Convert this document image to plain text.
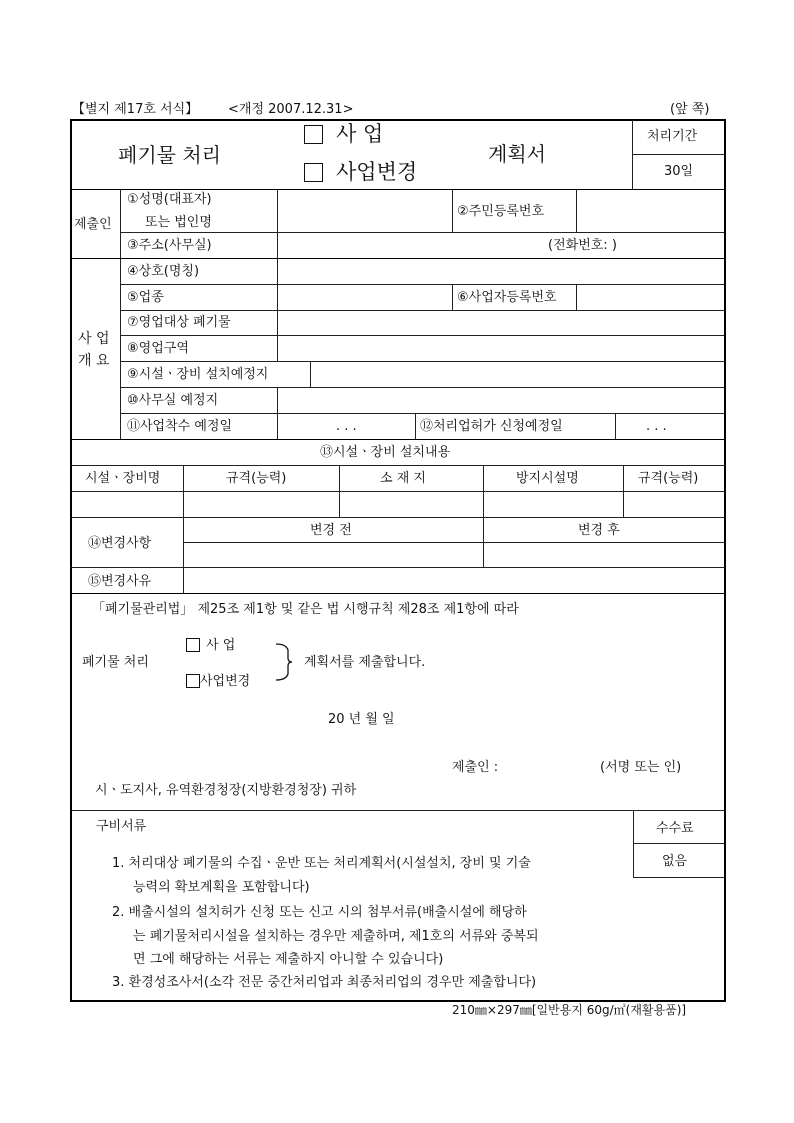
【별지 제17호 서식】 <개정 2007.12.31>	(앞 쪽)
폐기물 처리
사 업
사업변경
계획서
처리기간
30일
제출인
①성명(대표자)
또는 법인명
②주민등록번호
③주소(사무실)	(전화번호: )
사 업
개 요
④상호(명칭)
⑤업종	⑥사업자등록번호
⑦영업대상 폐기물
⑧영업구역
⑨시설ㆍ장비 설치예정지
⑩사무실 예정지
⑪사업착수 예정일	. . .	⑫처리업허가 신청예정일	. . .
⑬시설ㆍ장비 설치내용
시설ㆍ장비명	규격(능력)	소 재 지	방지시설명	규격(능력)
⑭변경사항
변경 전	변경 후
⑮변경사유
「폐기물관리법」 제25조 제1항 및 같은 법 시행규칙 제28조 제1항에 따라
폐기물 처리
사 업
사업변경
계획서를 제출합니다.
20 년 월 일
제출인 :	(서명 또는 인)
시ㆍ도지사, 유역환경청장(지방환경청장) 귀하
구비서류	수수료
없음
1. 처리대상 폐기물의 수집ㆍ운반 또는 처리계획서(시설설치, 장비 및 기술
능력의 확보계획을 포함합니다)
2. 배출시설의 설치허가 신청 또는 신고 시의 첨부서류(배출시설에 해당하
는 폐기물처리시설을 설치하는 경우만 제출하며, 제1호의 서류와 중복되
면 그에 해당하는 서류는 제출하지 아니할 수 있습니다)
3. 환경성조사서(소각 전문 중간처리업과 최종처리업의 경우만 제출합니다)
210㎜×297㎜[일반용지 60g/㎡(재활용품)]
